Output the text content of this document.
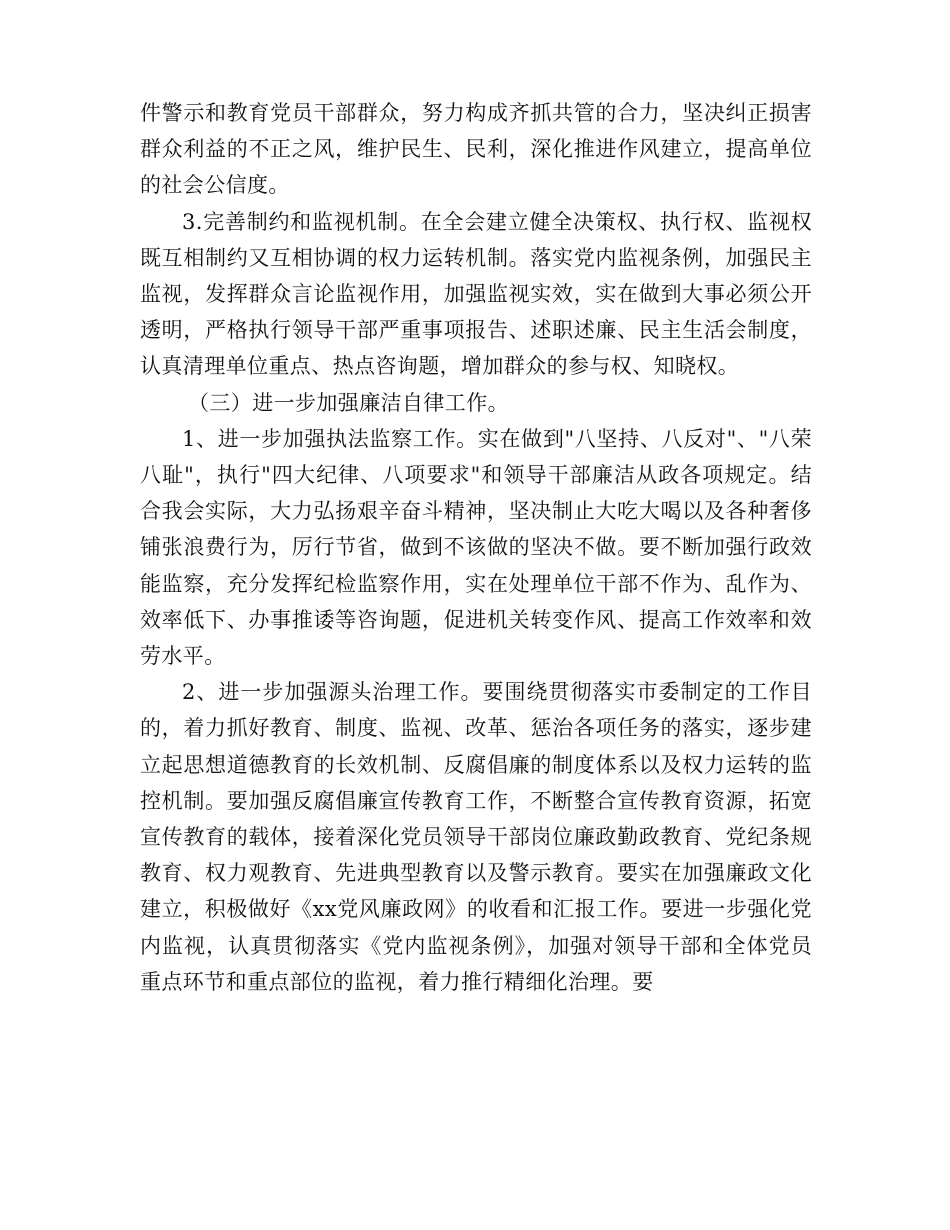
件警示和教育党员干部群众，努力构成齐抓共管的合力，坚决纠正损害群众利益的不正之风，维护民生、民利，深化推进作风建立，提高单位的社会公信度。

3.完善制约和监视机制。在全会建立健全决策权、执行权、监视权既互相制约又互相协调的权力运转机制。落实党内监视条例，加强民主监视，发挥群众言论监视作用，加强监视实效，实在做到大事必须公开透明，严格执行领导干部严重事项报告、述职述廉、民主生活会制度，认真清理单位重点、热点咨询题，增加群众的参与权、知晓权。

（三）进一步加强廉洁自律工作。

1、进一步加强执法监察工作。实在做到"八坚持、八反对"、"八荣八耻"，执行"四大纪律、八项要求"和领导干部廉洁从政各项规定。结合我会实际，大力弘扬艰辛奋斗精神，坚决制止大吃大喝以及各种奢侈铺张浪费行为，厉行节省，做到不该做的坚决不做。要不断加强行政效能监察，充分发挥纪检监察作用，实在处理单位干部不作为、乱作为、效率低下、办事推诿等咨询题，促进机关转变作风、提高工作效率和效劳水平。

2、进一步加强源头治理工作。要围绕贯彻落实市委制定的工作目的，着力抓好教育、制度、监视、改革、惩治各项任务的落实，逐步建立起思想道德教育的长效机制、反腐倡廉的制度体系以及权力运转的监控机制。要加强反腐倡廉宣传教育工作，不断整合宣传教育资源，拓宽宣传教育的载体，接着深化党员领导干部岗位廉政勤政教育、党纪条规教育、权力观教育、先进典型教育以及警示教育。要实在加强廉政文化建立，积极做好《xx党风廉政网》的收看和汇报工作。要进一步强化党内监视，认真贯彻落实《党内监视条例》，加强对领导干部和全体党员重点环节和重点部位的监视，着力推行精细化治理。要
